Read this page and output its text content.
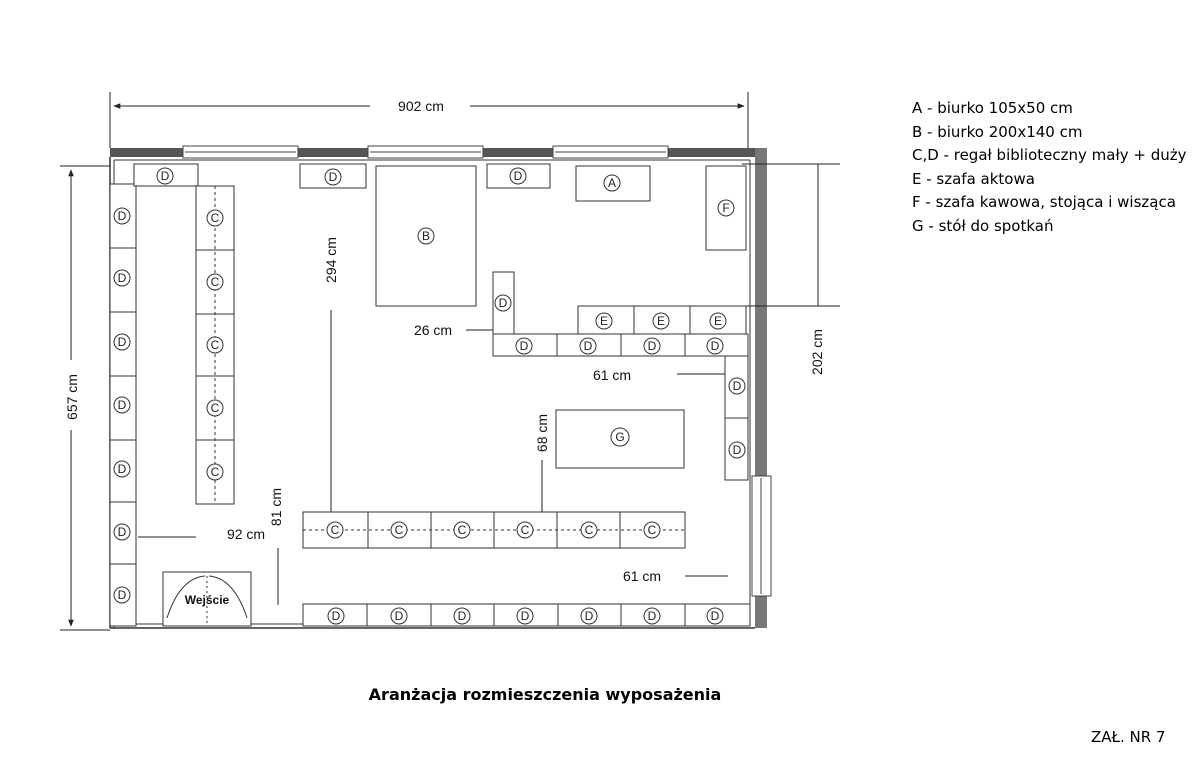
902 cm
657 cm
294 cm
26 cm
61 cm
202 cm
68 cm
81 cm
92 cm
61 cm
D	D	D	A
F
B
D
D
D
D
D
D
D
C
C
C
C
C
D
E	E	E
D	D	D	D
D
D
G
C	C	C	C	C	C
D	D	D	D	D	D	D
Wejście
A - biurko 105x50 cm
B - biurko 200x140 cm
C,D - regał biblioteczny mały + duży
E - szafa aktowa
F - szafa kawowa, stojąca i wisząca
G - stół do spotkań
Aranżacja rozmieszczenia wyposażenia
ZAŁ. NR 7
